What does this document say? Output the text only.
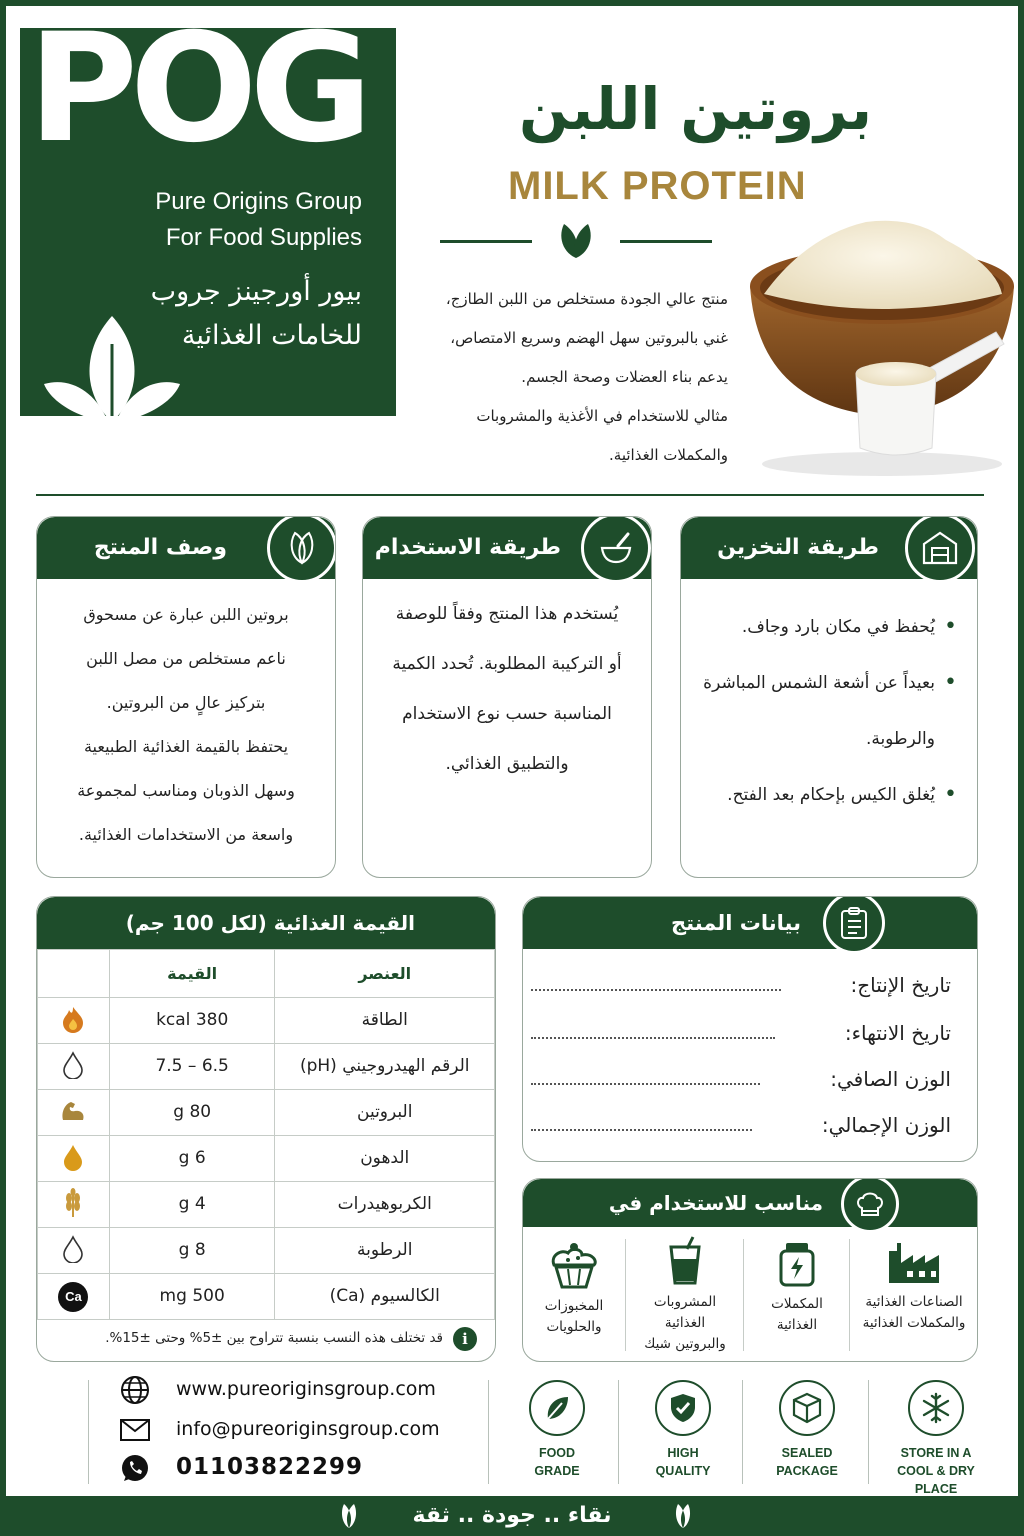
POG
Pure Origins Group
For Food Supplies
بيور أورجينز جروب
للخامات الغذائية
بروتين اللبن
MILK PROTEIN
منتج عالي الجودة مستخلص من اللبن الطازج،
غني بالبروتين سهل الهضم وسريع الامتصاص،
يدعم بناء العضلات وصحة الجسم.
مثالي للاستخدام في الأغذية والمشروبات
والمكملات الغذائية.
وصف المنتج

بروتين اللبن عبارة عن مسحوق

ناعم مستخلص من مصل اللبن

بتركيز عالٍ من البروتين.

يحتفظ بالقيمة الغذائية الطبيعية

وسهل الذوبان ومناسب لمجموعة

واسعة من الاستخدامات الغذائية.

طريقة الاستخدام

يُستخدم هذا المنتج وفقاً للوصفة

أو التركيبة المطلوبة. تُحدد الكمية

المناسبة حسب نوع الاستخدام

والتطبيق الغذائي.

طريقة التخزين
• يُحفظ في مكان بارد وجاف.
• بعيداً عن أشعة الشمس المباشرة والرطوبة.
• يُغلق الكيس بإحكام بعد الفتح.
القيمة الغذائية (لكل 100 جم)
العنصر	القيمة	
الطاقة	380 kcal	
الرقم الهيدروجيني (pH)	6.5 – 7.5	
البروتين	80 g	
الدهون	6 g	
الكربوهيدرات	4 g	
الرطوبة	8 g	
الكالسيوم (Ca)	500 mg	Ca
i
قد تختلف هذه النسب بنسبة تتراوح بين ±5% وحتى ±15%.
بيانات المنتج
تاريخ الإنتاج:
تاريخ الانتهاء:
الوزن الصافي:
الوزن الإجمالي:
مناسب للاستخدام في
الصناعات الغذائية
والمكملات الغذائية
المكملات
الغذائية
المشروبات
الغذائية
والبروتين شيك
المخبوزات
والحلويات
www.pureoriginsgroup.com
info@pureoriginsgroup.com
01103822299
FOOD
GRADE
HIGH
QUALITY
SEALED
PACKAGE
STORE IN A
COOL & DRY PLACE
نقاء .. جودة .. ثقة
